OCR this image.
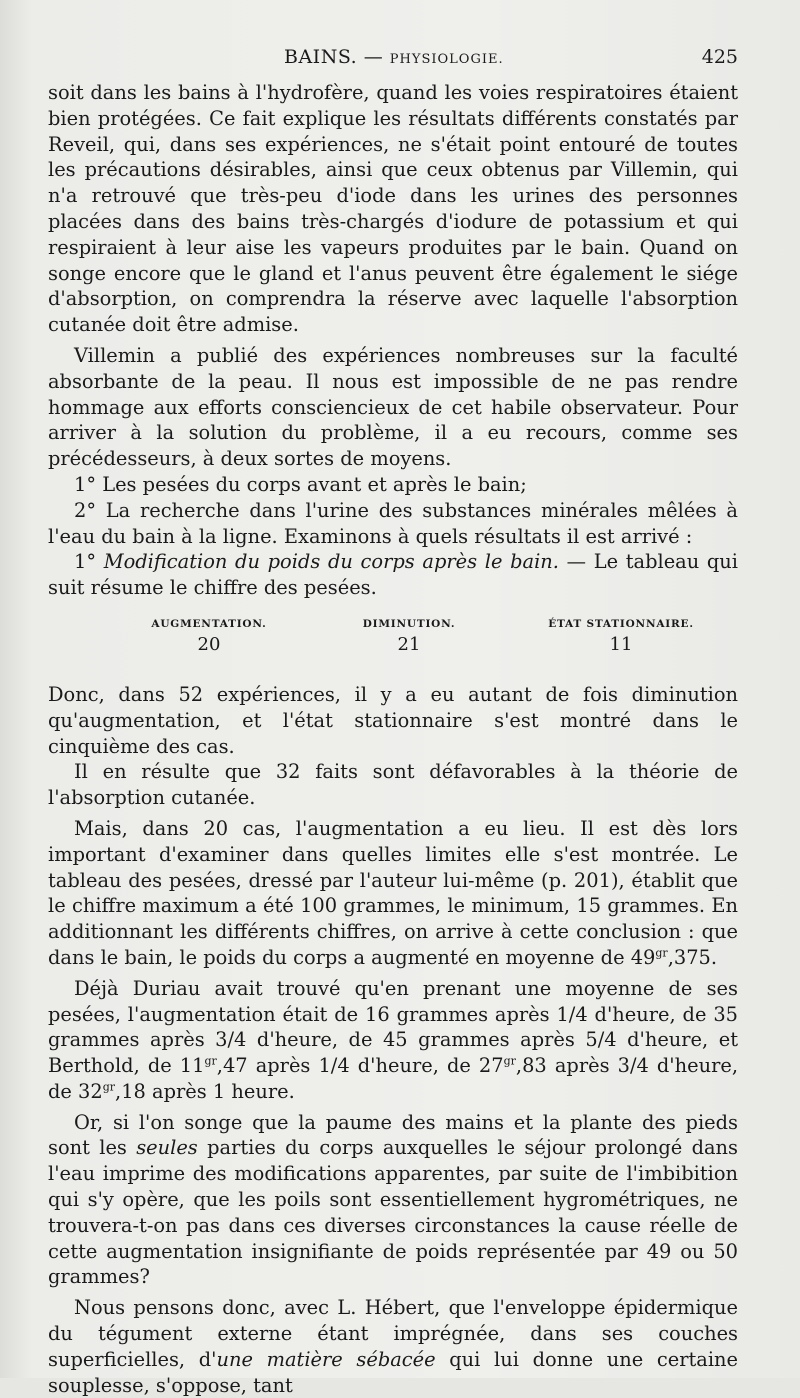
BAINS. — PHYSIOLOGIE.	425

soit dans les bains à l'hydrofère, quand les voies respiratoires étaient bien protégées. Ce fait explique les résultats différents constatés par Reveil, qui, dans ses expériences, ne s'était point entouré de toutes les précautions désirables, ainsi que ceux obtenus par Villemin, qui n'a retrouvé que très-peu d'iode dans les urines des personnes placées dans des bains très-chargés d'iodure de potassium et qui respiraient à leur aise les vapeurs produites par le bain. Quand on songe encore que le gland et l'anus peuvent être également le siége d'absorption, on comprendra la réserve avec laquelle l'absorption cutanée doit être admise.

Villemin a publié des expériences nombreuses sur la faculté absorbante de la peau. Il nous est impossible de ne pas rendre hommage aux efforts consciencieux de cet habile observateur. Pour arriver à la solution du problème, il a eu recours, comme ses précédesseurs, à deux sortes de moyens.

1° Les pesées du corps avant et après le bain;

2° La recherche dans l'urine des substances minérales mêlées à l'eau du bain à la ligne. Examinons à quels résultats il est arrivé :

1° Modification du poids du corps après le bain. — Le tableau qui suit résume le chiffre des pesées.

AUGMENTATION.
20
DIMINUTION.
21
ÉTAT STATIONNAIRE.
11

Donc, dans 52 expériences, il y a eu autant de fois diminution qu'augmentation, et l'état stationnaire s'est montré dans le cinquième des cas.

Il en résulte que 32 faits sont défavorables à la théorie de l'absorption cutanée.

Mais, dans 20 cas, l'augmentation a eu lieu. Il est dès lors important d'examiner dans quelles limites elle s'est montrée. Le tableau des pesées, dressé par l'auteur lui-même (p. 201), établit que le chiffre maximum a été 100 grammes, le minimum, 15 grammes. En additionnant les différents chiffres, on arrive à cette conclusion : que dans le bain, le poids du corps a augmenté en moyenne de $49^{gr},375$.

Déjà Duriau avait trouvé qu'en prenant une moyenne de ses pesées, l'augmentation était de 16 grammes après 1/4 d'heure, de 35 grammes après 3/4 d'heure, de 45 grammes après 5/4 d'heure, et Berthold, de $11^{gr},47$ après 1/4 d'heure, de $27^{gr},83$ après 3/4 d'heure, de $32^{gr},18$ après 1 heure.

Or, si l'on songe que la paume des mains et la plante des pieds sont les seules parties du corps auxquelles le séjour prolongé dans l'eau imprime des modifications apparentes, par suite de l'imbibition qui s'y opère, que les poils sont essentiellement hygrométriques, ne trouvera-t-on pas dans ces diverses circonstances la cause réelle de cette augmentation insignifiante de poids représentée par 49 ou 50 grammes?

Nous pensons donc, avec L. Hébert, que l'enveloppe épidermique du tégument externe étant imprégnée, dans ses couches superficielles, d'une matière sébacée qui lui donne une certaine souplesse, s'oppose, tant
